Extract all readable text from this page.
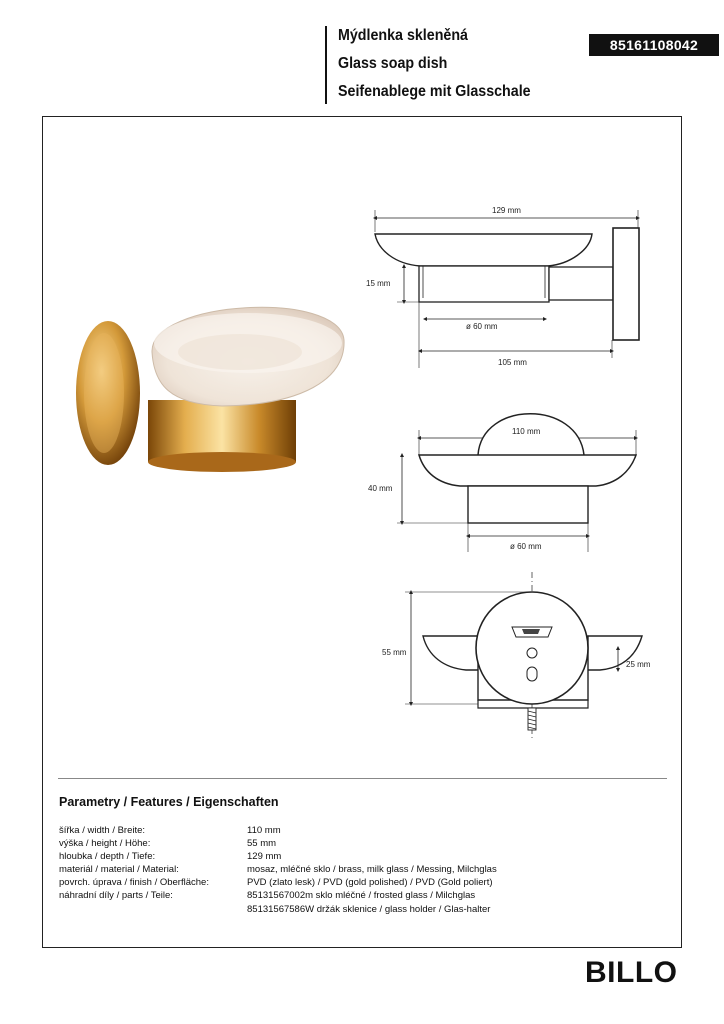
Mýdlenka skleněná
Glass soap dish
Seifenablege mit Glasschale
85161108042
129 mm
15 mm
ø 60 mm
105 mm
110 mm
40 mm
ø 60 mm
55 mm
25 mm
Parametry / Features / Eigenschaften
šířka / width / Breite:	110 mm
výška / height / Höhe:	55 mm
hloubka / depth / Tiefe:	129 mm
materiál / material / Material:	mosaz, mléčné sklo / brass, milk glass / Messing, Milchglas
povrch. úprava / finish / Oberfläche:	PVD (zlato lesk) / PVD (gold polished) / PVD (Gold poliert)
náhradní díly / parts / Teile:	85131567002m sklo mléčné / frosted glass / Milchglas
85131567586W držák sklenice / glass holder / Glas-halter
BILLO
